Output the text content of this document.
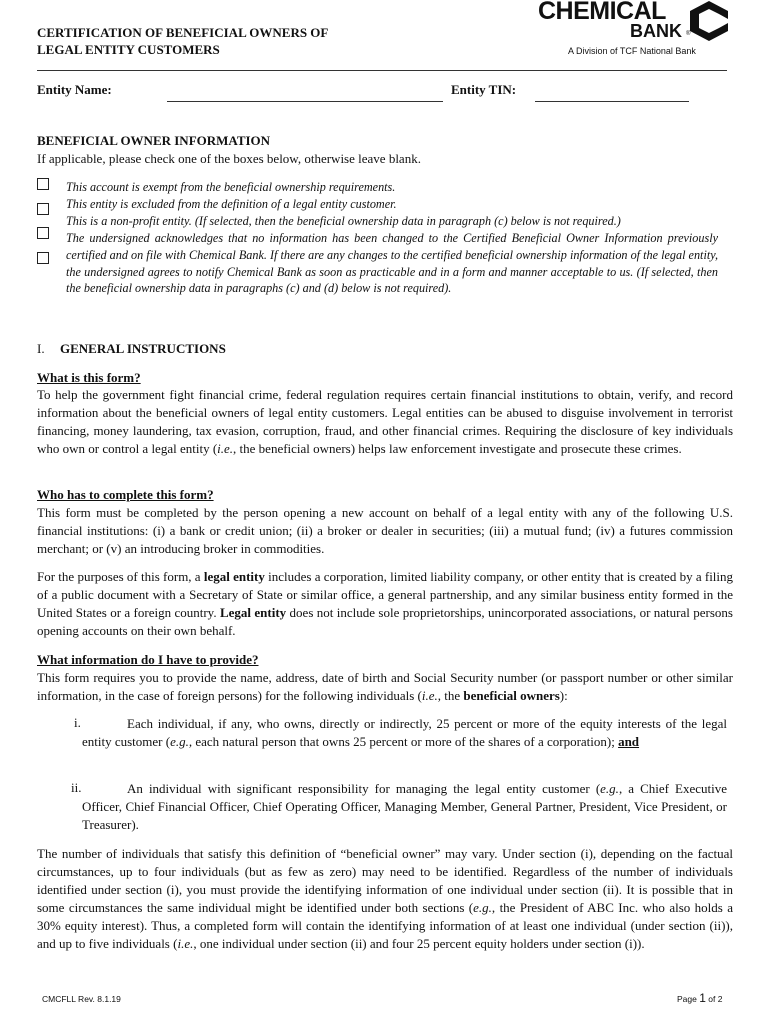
CERTIFICATION OF BENEFICIAL OWNERS OF
LEGAL ENTITY CUSTOMERS
CHEMICAL
BANK ®
A Division of TCF National Bank
Entity Name:	Entity TIN:
BENEFICIAL OWNER INFORMATION
If applicable, please check one of the boxes below, otherwise leave blank.
This account is exempt from the beneficial ownership requirements.
This entity is excluded from the definition of a legal entity customer.
This is a non-profit entity. (If selected, then the beneficial ownership data in paragraph (c) below is not required.)
The undersigned acknowledges that no information has been changed to the Certified Beneficial Owner Information previously certified and on file with Chemical Bank. If there are any changes to the certified beneficial ownership information of the legal entity, the undersigned agrees to notify Chemical Bank as soon as practicable and in a form and manner acceptable to us. (If selected, then the beneficial ownership data in paragraphs (c) and (d) below is not required).
I. GENERAL INSTRUCTIONS
What is this form?
To help the government fight financial crime, federal regulation requires certain financial institutions to obtain, verify, and record information about the beneficial owners of legal entity customers. Legal entities can be abused to disguise involvement in terrorist financing, money laundering, tax evasion, corruption, fraud, and other financial crimes. Requiring the disclosure of key individuals who own or control a legal entity (i.e., the beneficial owners) helps law enforcement investigate and prosecute these crimes.
Who has to complete this form?
This form must be completed by the person opening a new account on behalf of a legal entity with any of the following U.S. financial institutions: (i) a bank or credit union; (ii) a broker or dealer in securities; (iii) a mutual fund; (iv) a futures commission merchant; or (v) an introducing broker in commodities.
For the purposes of this form, a legal entity includes a corporation, limited liability company, or other entity that is created by a filing of a public document with a Secretary of State or similar office, a general partnership, and any similar business entity formed in the United States or a foreign country. Legal entity does not include sole proprietorships, unincorporated associations, or natural persons opening accounts on their own behalf.
What information do I have to provide?
This form requires you to provide the name, address, date of birth and Social Security number (or passport number or other similar information, in the case of foreign persons) for the following individuals (i.e., the beneficial owners):
i.	Each individual, if any, who owns, directly or indirectly, 25 percent or more of the equity interests of the legal entity customer (e.g., each natural person that owns 25 percent or more of the shares of a corporation); and
ii.	An individual with significant responsibility for managing the legal entity customer (e.g., a Chief Executive Officer, Chief Financial Officer, Chief Operating Officer, Managing Member, General Partner, President, Vice President, or Treasurer).
The number of individuals that satisfy this definition of “beneficial owner” may vary. Under section (i), depending on the factual circumstances, up to four individuals (but as few as zero) may need to be identified. Regardless of the number of individuals identified under section (i), you must provide the identifying information of one individual under section (ii). It is possible that in some circumstances the same individual might be identified under both sections (e.g., the President of ABC Inc. who also holds a 30% equity interest). Thus, a completed form will contain the identifying information of at least one individual (under section (ii)), and up to five individuals (i.e., one individual under section (ii) and four 25 percent equity holders under section (i)).
CMCFLL Rev. 8.1.19	Page 1 of 2
